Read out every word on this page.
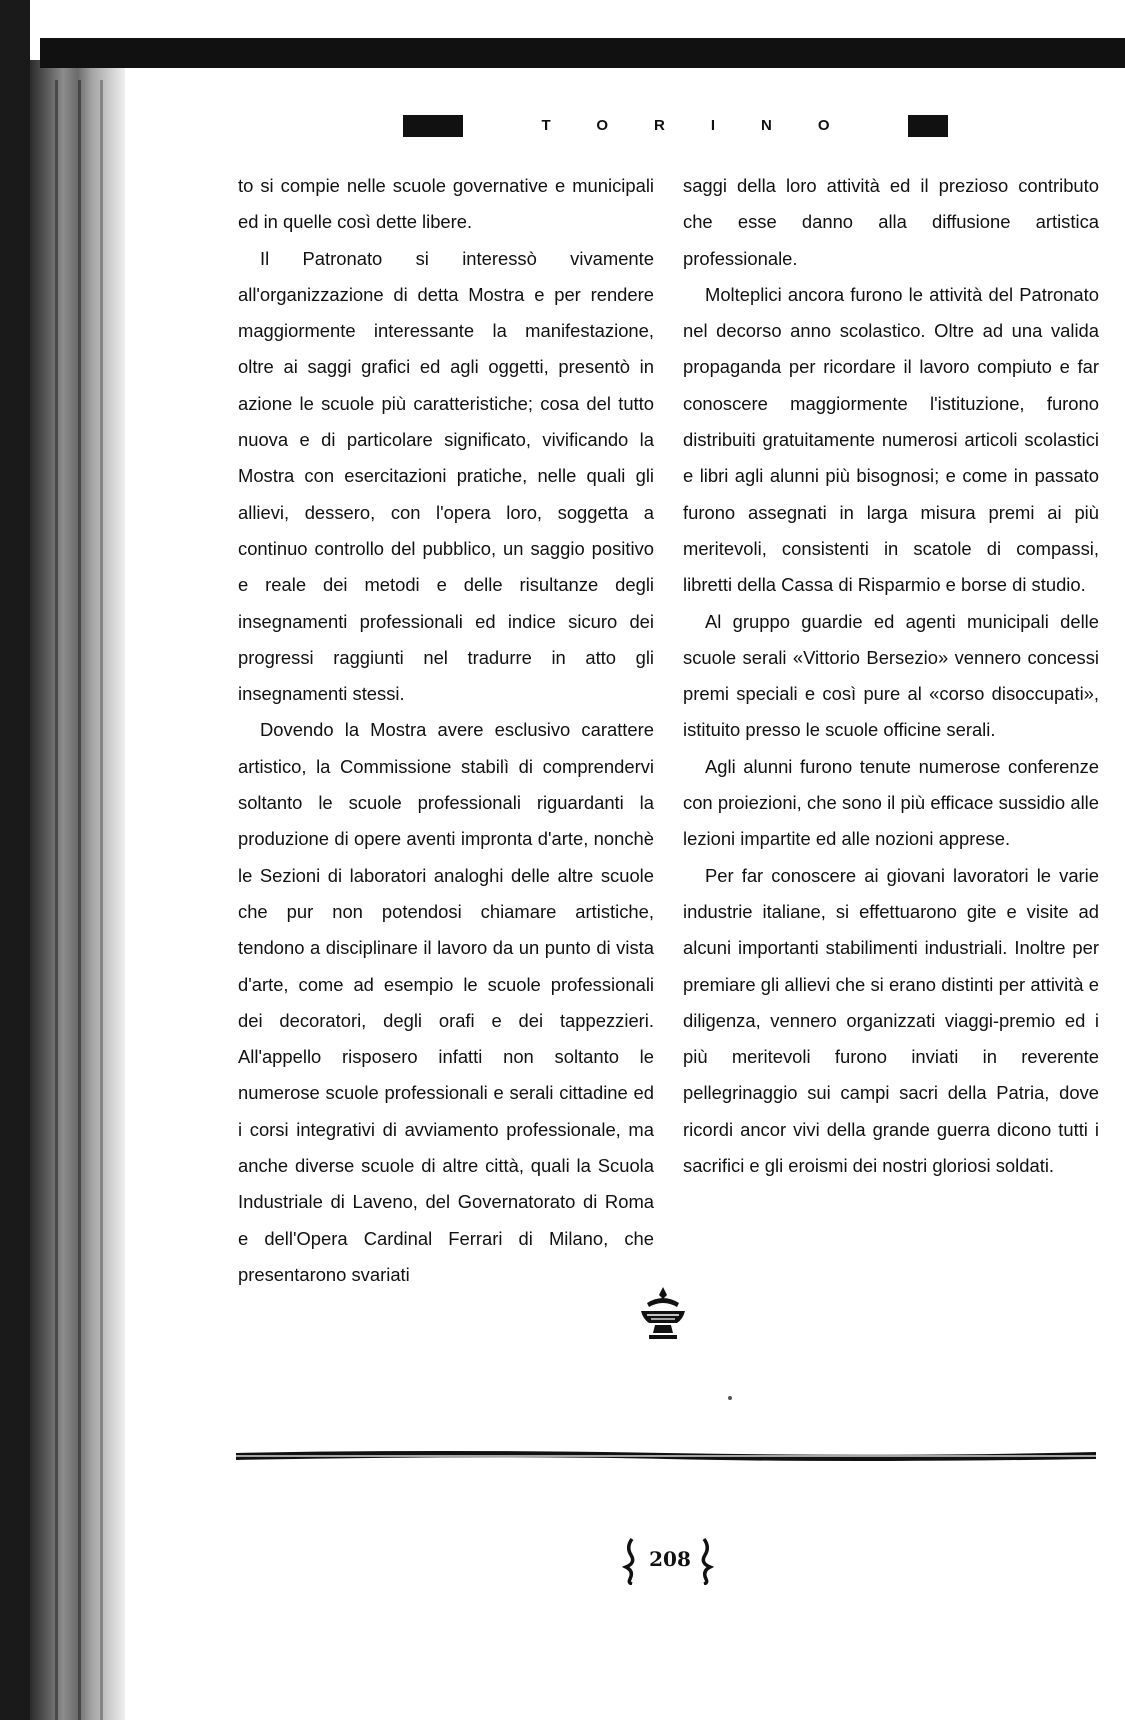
TORINO

to si compie nelle scuole governative e municipali ed in quelle così dette libere.

Il Patronato si interessò vivamente all'organizzazione di detta Mostra e per rendere maggiormente interessante la manifestazione, oltre ai saggi grafici ed agli oggetti, presentò in azione le scuole più caratteristiche; cosa del tutto nuova e di particolare significato, vivificando la Mostra con esercitazioni pratiche, nelle quali gli allievi, dessero, con l'opera loro, soggetta a continuo controllo del pubblico, un saggio positivo e reale dei metodi e delle risultanze degli insegnamenti professionali ed indice sicuro dei progressi raggiunti nel tradurre in atto gli insegnamenti stessi.

Dovendo la Mostra avere esclusivo carattere artistico, la Commissione stabilì di comprendervi soltanto le scuole professionali riguardanti la produzione di opere aventi impronta d'arte, nonchè le Sezioni di laboratori analoghi delle altre scuole che pur non potendosi chiamare artistiche, tendono a disciplinare il lavoro da un punto di vista d'arte, come ad esempio le scuole professionali dei decoratori, degli orafi e dei tappezzieri. All'appello risposero infatti non soltanto le numerose scuole professionali e serali cittadine ed i corsi integrativi di avviamento professionale, ma anche diverse scuole di altre città, quali la Scuola Industriale di Laveno, del Governatorato di Roma e dell'Opera Cardinal Ferrari di Milano, che presentarono svariati

saggi della loro attività ed il prezioso contributo che esse danno alla diffusione artistica professionale.

Molteplici ancora furono le attività del Patronato nel decorso anno scolastico. Oltre ad una valida propaganda per ricordare il lavoro compiuto e far conoscere maggiormente l'istituzione, furono distribuiti gratuitamente numerosi articoli scolastici e libri agli alunni più bisognosi; e come in passato furono assegnati in larga misura premi ai più meritevoli, consistenti in scatole di compassi, libretti della Cassa di Risparmio e borse di studio.

Al gruppo guardie ed agenti municipali delle scuole serali «Vittorio Bersezio» vennero concessi premi speciali e così pure al «corso disoccupati», istituito presso le scuole officine serali.

Agli alunni furono tenute numerose conferenze con proiezioni, che sono il più efficace sussidio alle lezioni impartite ed alle nozioni apprese.

Per far conoscere ai giovani lavoratori le varie industrie italiane, si effettuarono gite e visite ad alcuni importanti stabilimenti industriali. Inoltre per premiare gli allievi che si erano distinti per attività e diligenza, vennero organizzati viaggi-premio ed i più meritevoli furono inviati in reverente pellegrinaggio sui campi sacri della Patria, dove ricordi ancor vivi della grande guerra dicono tutti i sacrifici e gli eroismi dei nostri gloriosi soldati.

208
